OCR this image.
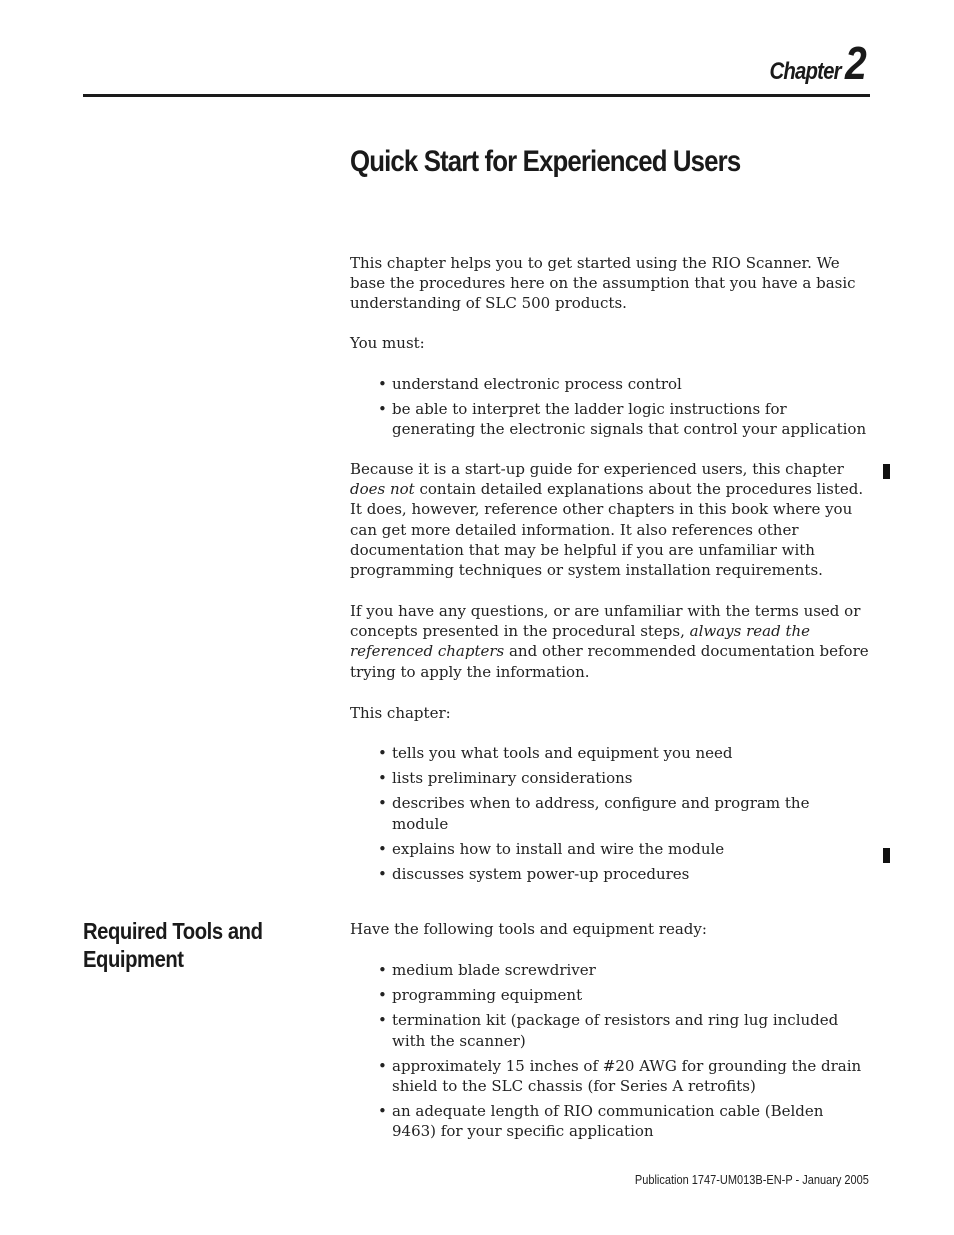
Chapter 2
Quick Start for Experienced Users

This chapter helps you to get started using the RIO Scanner. We base the procedures here on the assumption that you have a basic understanding of SLC 500 products.

You must:

• understand electronic process control
• be able to interpret the ladder logic instructions for generating the electronic signals that control your application

Because it is a start-up guide for experienced users, this chapter does not contain detailed explanations about the procedures listed. It does, however, reference other chapters in this book where you can get more detailed information. It also references other documentation that may be helpful if you are unfamiliar with programming techniques or system installation requirements.

If you have any questions, or are unfamiliar with the terms used or concepts presented in the procedural steps, always read the referenced chapters and other recommended documentation before trying to apply the information.

This chapter:

• tells you what tools and equipment you need
• lists preliminary considerations
• describes when to address, configure and program the module
• explains how to install and wire the module
• discusses system power-up procedures
Required Tools and Equipment

Have the following tools and equipment ready:

• medium blade screwdriver
• programming equipment
• termination kit (package of resistors and ring lug included with the scanner)
• approximately 15 inches of #20 AWG for grounding the drain shield to the SLC chassis (for Series A retrofits)
• an adequate length of RIO communication cable (Belden 9463) for your specific application
Publication 1747-UM013B-EN-P - January 2005
